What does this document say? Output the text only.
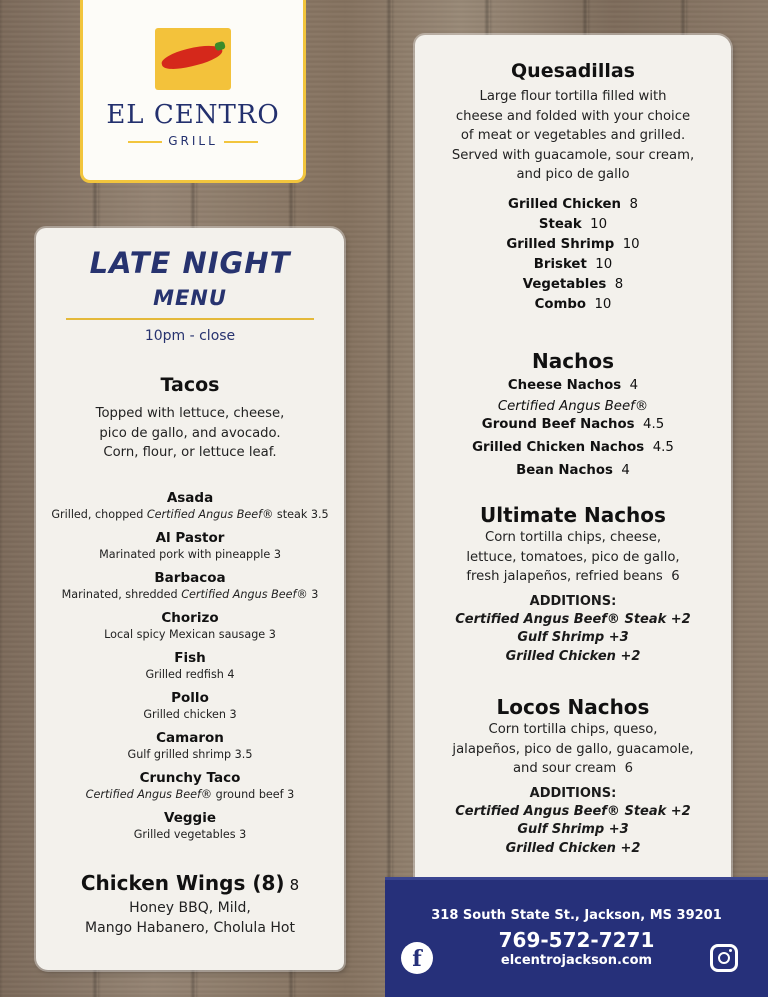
EL CENTRO
GRILL
LATE NIGHT
MENU
10pm - close
Tacos
Topped with lettuce, cheese,
pico de gallo, and avocado.
Corn, flour, or lettuce leaf.
Asada
Grilled, chopped Certified Angus Beef® steak 3.5
Al Pastor
Marinated pork with pineapple 3
Barbacoa
Marinated, shredded Certified Angus Beef® 3
Chorizo
Local spicy Mexican sausage 3
Fish
Grilled redfish 4
Pollo
Grilled chicken 3
Camaron
Gulf grilled shrimp 3.5
Crunchy Taco
Certified Angus Beef® ground beef 3
Veggie
Grilled vegetables 3
Chicken Wings (8) 8
Honey BBQ, Mild,
Mango Habanero, Cholula Hot
Quesadillas
Large flour tortilla filled with
cheese and folded with your choice
of meat or vegetables and grilled.
Served with guacamole, sour cream,
and pico de gallo
Grilled Chicken 8
Steak 10
Grilled Shrimp 10
Brisket 10
Vegetables 8
Combo 10
Nachos
Cheese Nachos 4
Certified Angus Beef®
Ground Beef Nachos 4.5
Grilled Chicken Nachos 4.5
Bean Nachos 4
Ultimate Nachos
Corn tortilla chips, cheese,
lettuce, tomatoes, pico de gallo,
fresh jalapeños, refried beans 6
ADDITIONS:
Certified Angus Beef® Steak +2
Gulf Shrimp +3
Grilled Chicken +2
Locos Nachos
Corn tortilla chips, queso,
jalapeños, pico de gallo, guacamole,
and sour cream 6
ADDITIONS:
Certified Angus Beef® Steak +2
Gulf Shrimp +3
Grilled Chicken +2
f
318 South State St., Jackson, MS 39201
769-572-7271
elcentrojackson.com
